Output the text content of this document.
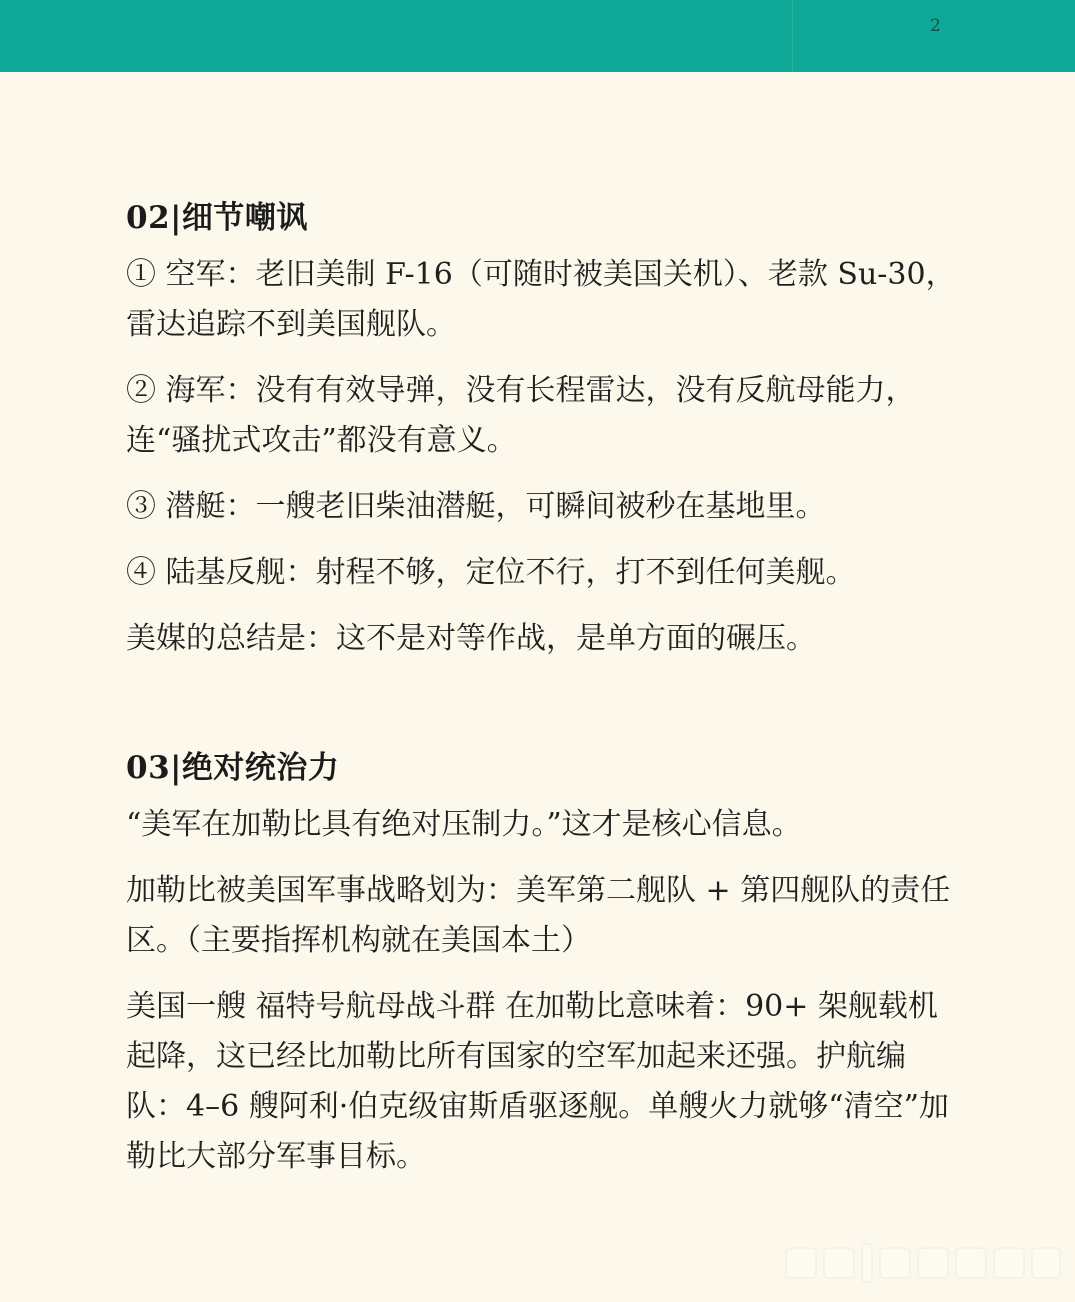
2
02|细节嘲讽

① 空军：老旧美制 F-16（可随时被美国关机）、老款 Su-30，雷达追踪不到美国舰队。

② 海军：没有有效导弹，没有长程雷达，没有反航母能力，连“骚扰式攻击”都没有意义。

③ 潜艇：一艘老旧柴油潜艇，可瞬间被秒在基地里。

④ 陆基反舰：射程不够，定位不行，打不到任何美舰。

美媒的总结是：这不是对等作战，是单方面的碾压。

03|绝对统治力

“美军在加勒比具有绝对压制力。”这才是核心信息。

加勒比被美国军事战略划为：美军第二舰队 + 第四舰队的责任区。（主要指挥机构就在美国本土）

美国一艘 福特号航母战斗群 在加勒比意味着：90+ 架舰载机起降，这已经比加勒比所有国家的空军加起来还强。护航编队：4–6 艘阿利·伯克级宙斯盾驱逐舰。单艘火力就够“清空”加勒比大部分军事目标。
